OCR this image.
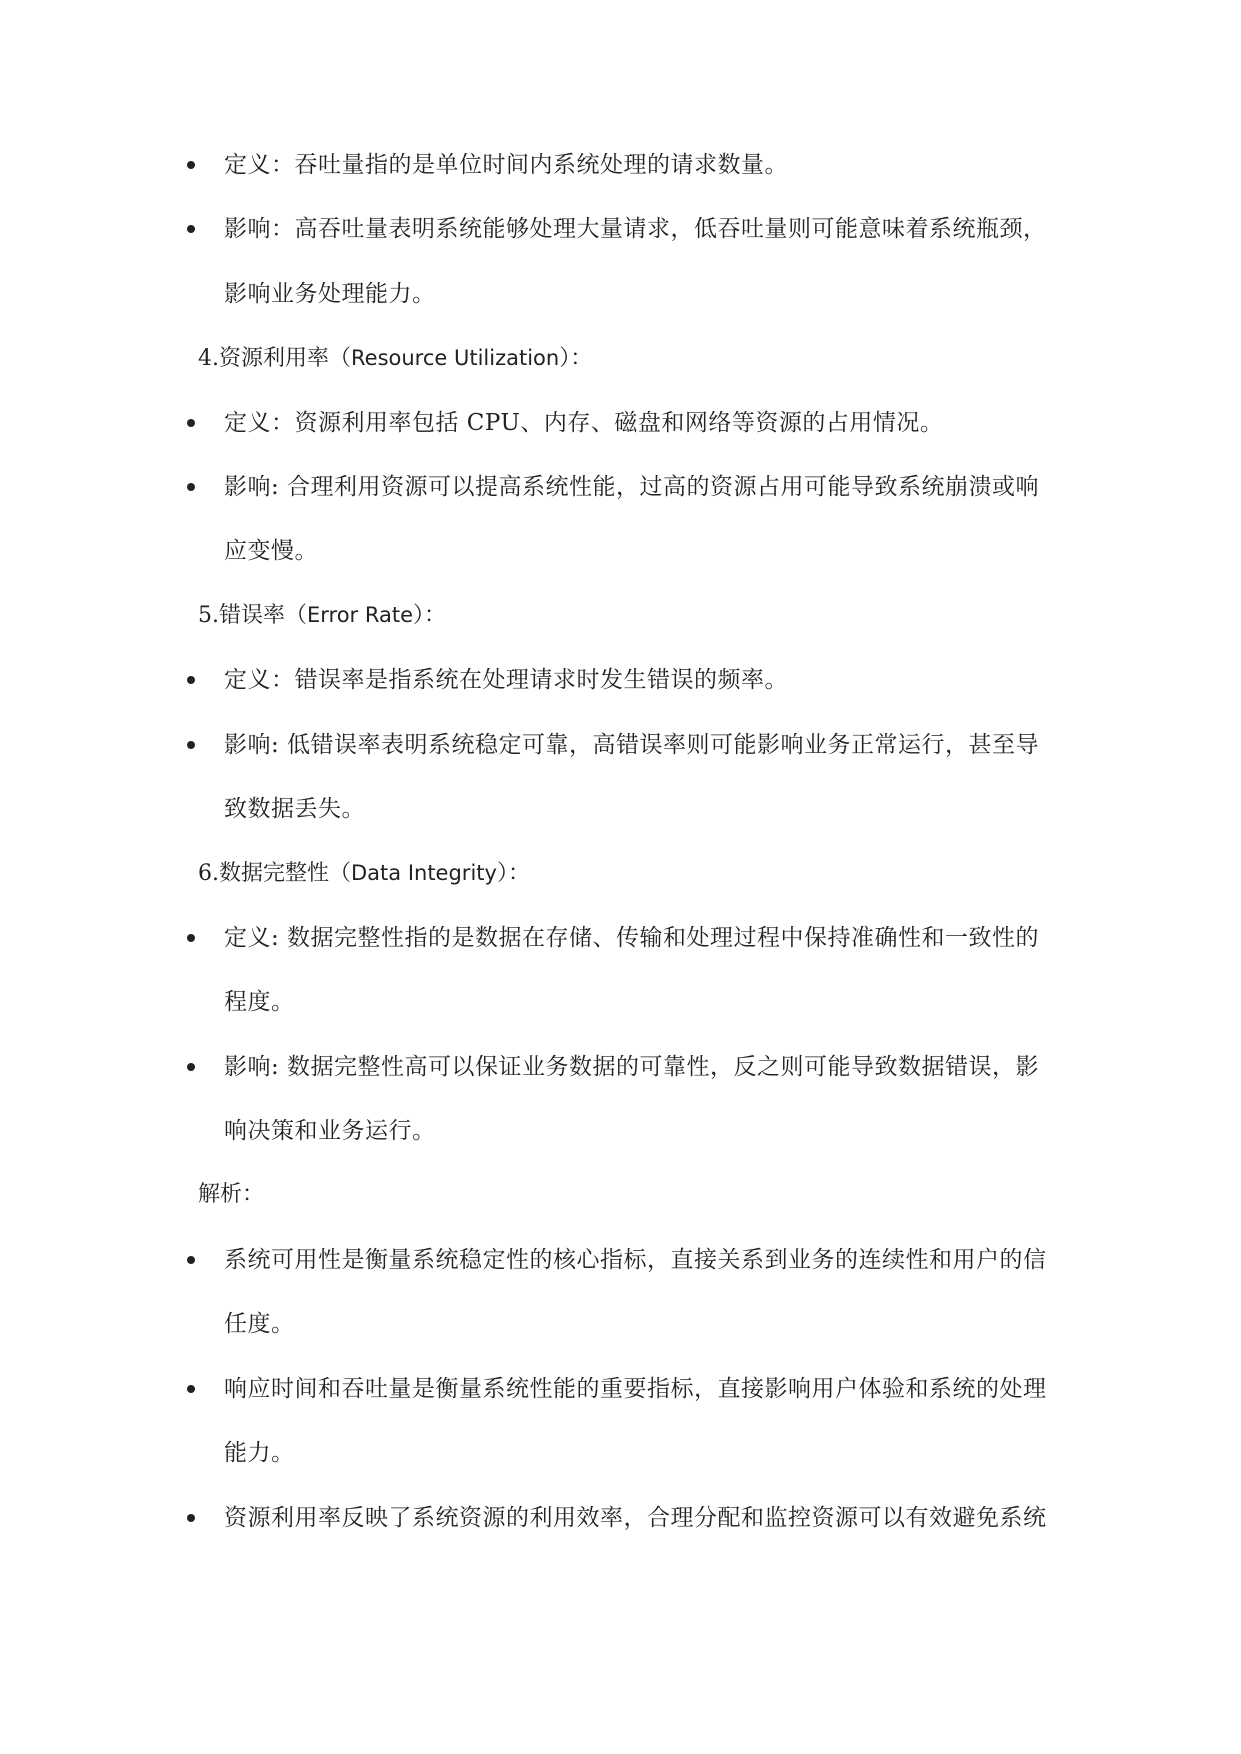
定义：吞吐量指的是单位时间内系统处理的请求数量。
影响：高吞吐量表明系统能够处理大量请求，低吞吐量则可能意味着系统瓶颈，
影响业务处理能力。
4.资源利用率（Resource Utilization）：
定义：资源利用率包括 CPU、内存、磁盘和网络等资源的占用情况。
影响: 合理利用资源可以提高系统性能，过高的资源占用可能导致系统崩溃或响
应变慢。
5.错误率（Error Rate）：
定义：错误率是指系统在处理请求时发生错误的频率。
影响: 低错误率表明系统稳定可靠，高错误率则可能影响业务正常运行，甚至导
致数据丢失。
6.数据完整性（Data Integrity）：
定义: 数据完整性指的是数据在存储、传输和处理过程中保持准确性和一致性的
程度。
影响: 数据完整性高可以保证业务数据的可靠性，反之则可能导致数据错误，影
响决策和业务运行。
解析：
系统可用性是衡量系统稳定性的核心指标，直接关系到业务的连续性和用户的信
任度。
响应时间和吞吐量是衡量系统性能的重要指标，直接影响用户体验和系统的处理
能力。
资源利用率反映了系统资源的利用效率，合理分配和监控资源可以有效避免系统
